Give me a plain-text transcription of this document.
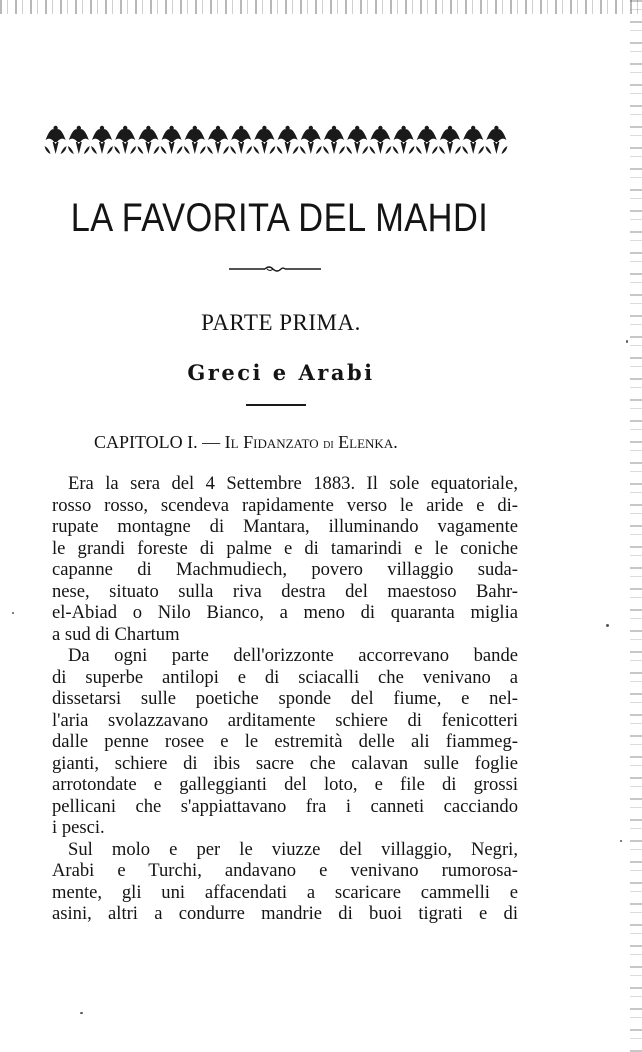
LA FAVORITA DEL MAHDI
PARTE PRIMA.
Greci e Arabi
CAPITOLO I. — Il Fidanzato di Elenka.
Era la sera del 4 Settembre 1883. Il sole equatoriale,
rosso rosso, scendeva rapidamente verso le aride e di-
rupate montagne di Mantara, illuminando vagamente
le grandi foreste di palme e di tamarindi e le coniche
capanne di Machmudiech, povero villaggio suda-
nese, situato sulla riva destra del maestoso Bahr-
el-Abiad o Nilo Bianco, a meno di quaranta miglia
a sud di Chartum
Da ogni parte dell'orizzonte accorrevano bande
di superbe antilopi e di sciacalli che venivano a
dissetarsi sulle poetiche sponde del fiume, e nel-
l'aria svolazzavano arditamente schiere di fenicotteri
dalle penne rosee e le estremità delle ali fiammeg-
gianti, schiere di ibis sacre che calavan sulle foglie
arrotondate e galleggianti del loto, e file di grossi
pellicani che s'appiattavano fra i canneti cacciando
i pesci.
Sul molo e per le viuzze del villaggio, Negri,
Arabi e Turchi, andavano e venivano rumorosa-
mente, gli uni affacendati a scaricare cammelli e
asini, altri a condurre mandrie di buoi tigrati e di
